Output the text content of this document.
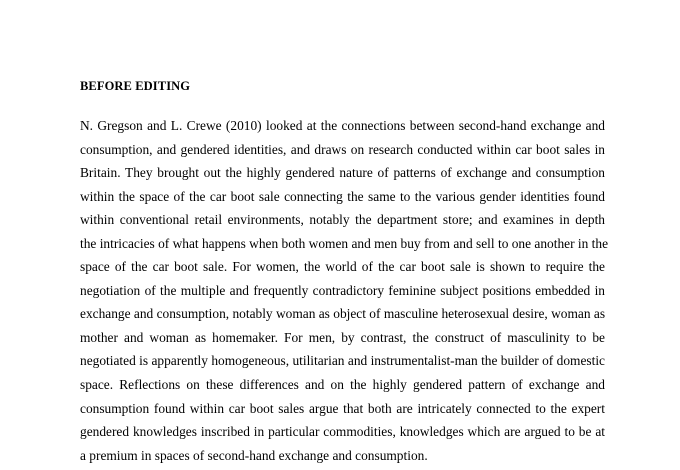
BEFORE EDITING
N. Gregson and L. Crewe (2010) looked at the connections between second-hand exchange and
consumption, and gendered identities, and draws on research conducted within car boot sales in
Britain. They brought out the highly gendered nature of patterns of exchange and consumption
within the space of the car boot sale connecting the same to the various gender identities found
within conventional retail environments, notably the department store; and examines in depth
the intricacies of what happens when both women and men buy from and sell to one another in the
space of the car boot sale. For women, the world of the car boot sale is shown to require the
negotiation of the multiple and frequently contradictory feminine subject positions embedded in
exchange and consumption, notably woman as object of masculine heterosexual desire, woman as
mother and woman as homemaker. For men, by contrast, the construct of masculinity to be
negotiated is apparently homogeneous, utilitarian and instrumentalist-man the builder of domestic
space. Reflections on these differences and on the highly gendered pattern of exchange and
consumption found within car boot sales argue that both are intricately connected to the expert
gendered knowledges inscribed in particular commodities, knowledges which are argued to be at
a premium in spaces of second-hand exchange and consumption.
